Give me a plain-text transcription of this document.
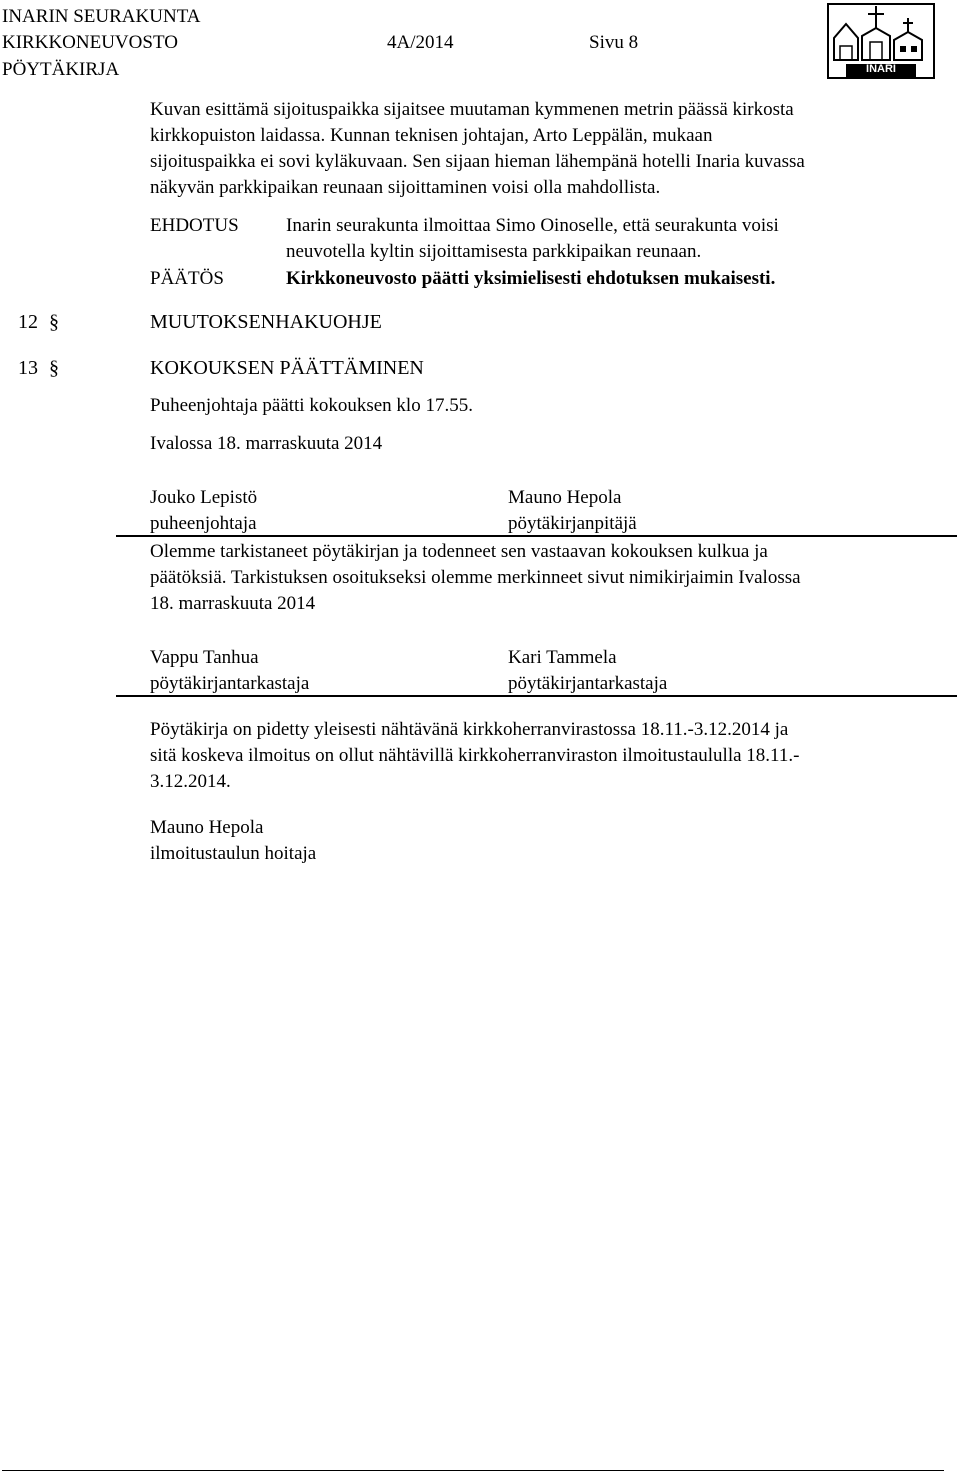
INARIN SEURAKUNTA
KIRKKONEUVOSTO
PÖYTÄKIRJA
4A/2014	Sivu 8
INARI
Kuvan esittämä sijoituspaikka sijaitsee muutaman kymmenen metrin päässä kirkosta
kirkkopuiston laidassa. Kunnan teknisen johtajan, Arto Leppälän, mukaan
sijoituspaikka ei sovi kyläkuvaan. Sen sijaan hieman lähempänä hotelli Inaria kuvassa
näkyvän parkkipaikan reunaan sijoittaminen voisi olla mahdollista.
EHDOTUS Inarin seurakunta ilmoittaa Simo Oinoselle, että seurakunta voisi
neuvotella kyltin sijoittamisesta parkkipaikan reunaan.
PÄÄTÖS	Kirkkoneuvosto päätti yksimielisesti ehdotuksen mukaisesti.
12 §	MUUTOKSENHAKUOHJE
13 §	KOKOUKSEN PÄÄTTÄMINEN
Puheenjohtaja päätti kokouksen klo 17.55.
Ivalossa 18. marraskuuta 2014
Jouko Lepistö
puheenjohtaja
Mauno Hepola
pöytäkirjanpitäjä
Olemme tarkistaneet pöytäkirjan ja todenneet sen vastaavan kokouksen kulkua ja
päätöksiä. Tarkistuksen osoitukseksi olemme merkinneet sivut nimikirjaimin Ivalossa
18. marraskuuta 2014
Vappu Tanhua
pöytäkirjantarkastaja
Kari Tammela
pöytäkirjantarkastaja
Pöytäkirja on pidetty yleisesti nähtävänä kirkkoherranvirastossa 18.11.-3.12.2014 ja
sitä koskeva ilmoitus on ollut nähtävillä kirkkoherranviraston ilmoitustaululla 18.11.-
3.12.2014.
Mauno Hepola
ilmoitustaulun hoitaja
